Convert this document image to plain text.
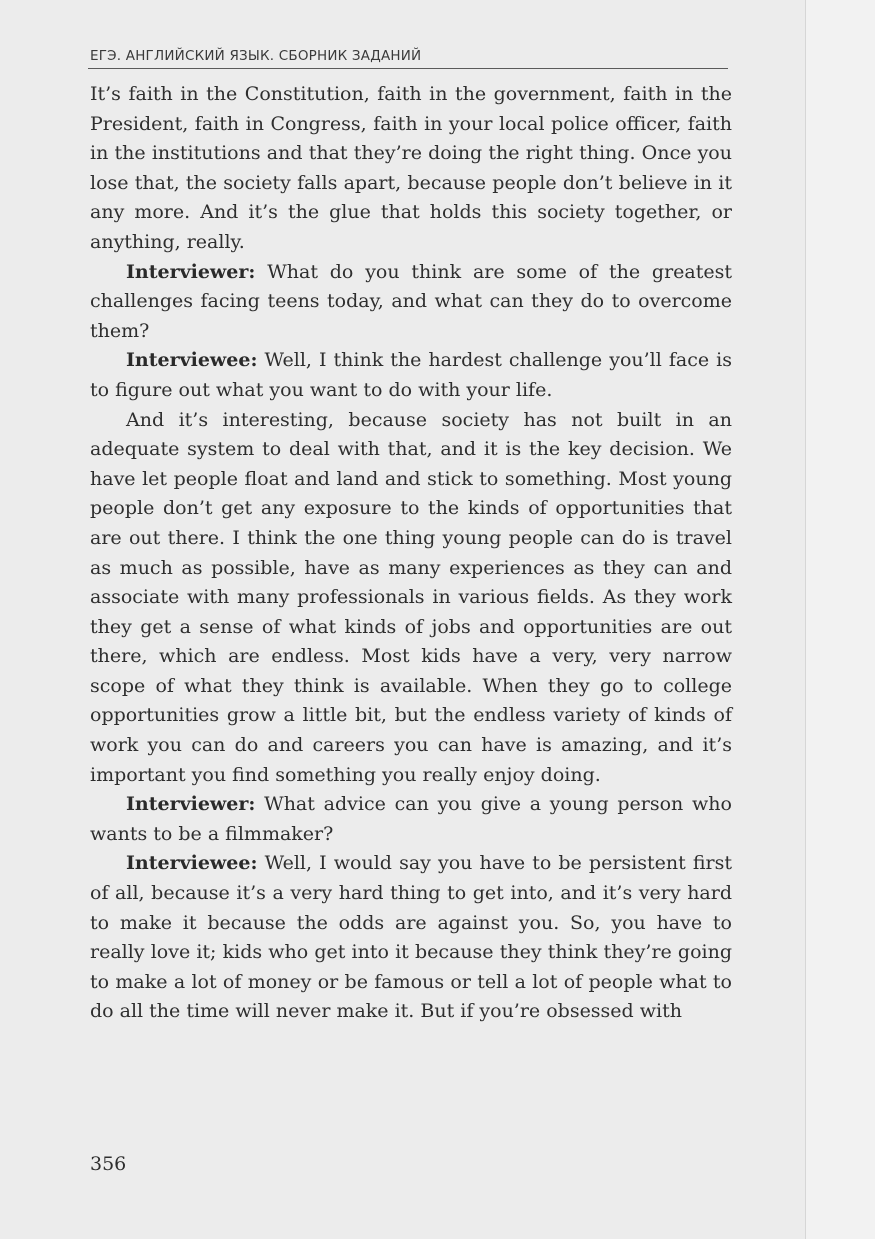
ЕГЭ. АНГЛИЙСКИЙ ЯЗЫК. СБОРНИК ЗАДАНИЙ

It’s faith in the Constitution, faith in the government, faith in the President, faith in Congress, faith in your local police officer, faith in the institutions and that they’re doing the right thing. Once you lose that, the society falls apart, because people don’t believe in it any more. And it’s the glue that holds this society together, or anything, really.

Interviewer: What do you think are some of the greatest challenges facing teens today, and what can they do to overcome them?

Interviewee: Well, I think the hardest challenge you’ll face is to figure out what you want to do with your life.

And it’s interesting, because society has not built in an adequate system to deal with that, and it is the key decision. We have let people float and land and stick to something. Most young people don’t get any exposure to the kinds of opportunities that are out there. I think the one thing young people can do is travel as much as possible, have as many experiences as they can and associate with many professionals in various fields. As they work they get a sense of what kinds of jobs and opportunities are out there, which are endless. Most kids have a very, very narrow scope of what they think is available. When they go to college opportunities grow a little bit, but the endless variety of kinds of work you can do and careers you can have is amazing, and it’s important you find something you really enjoy doing.

Interviewer: What advice can you give a young person who wants to be a filmmaker?

Interviewee: Well, I would say you have to be persistent first of all, because it’s a very hard thing to get into, and it’s very hard to make it because the odds are against you. So, you have to really love it; kids who get into it because they think they’re going to make a lot of money or be famous or tell a lot of people what to do all the time will never make it. But if you’re obsessed with

356
